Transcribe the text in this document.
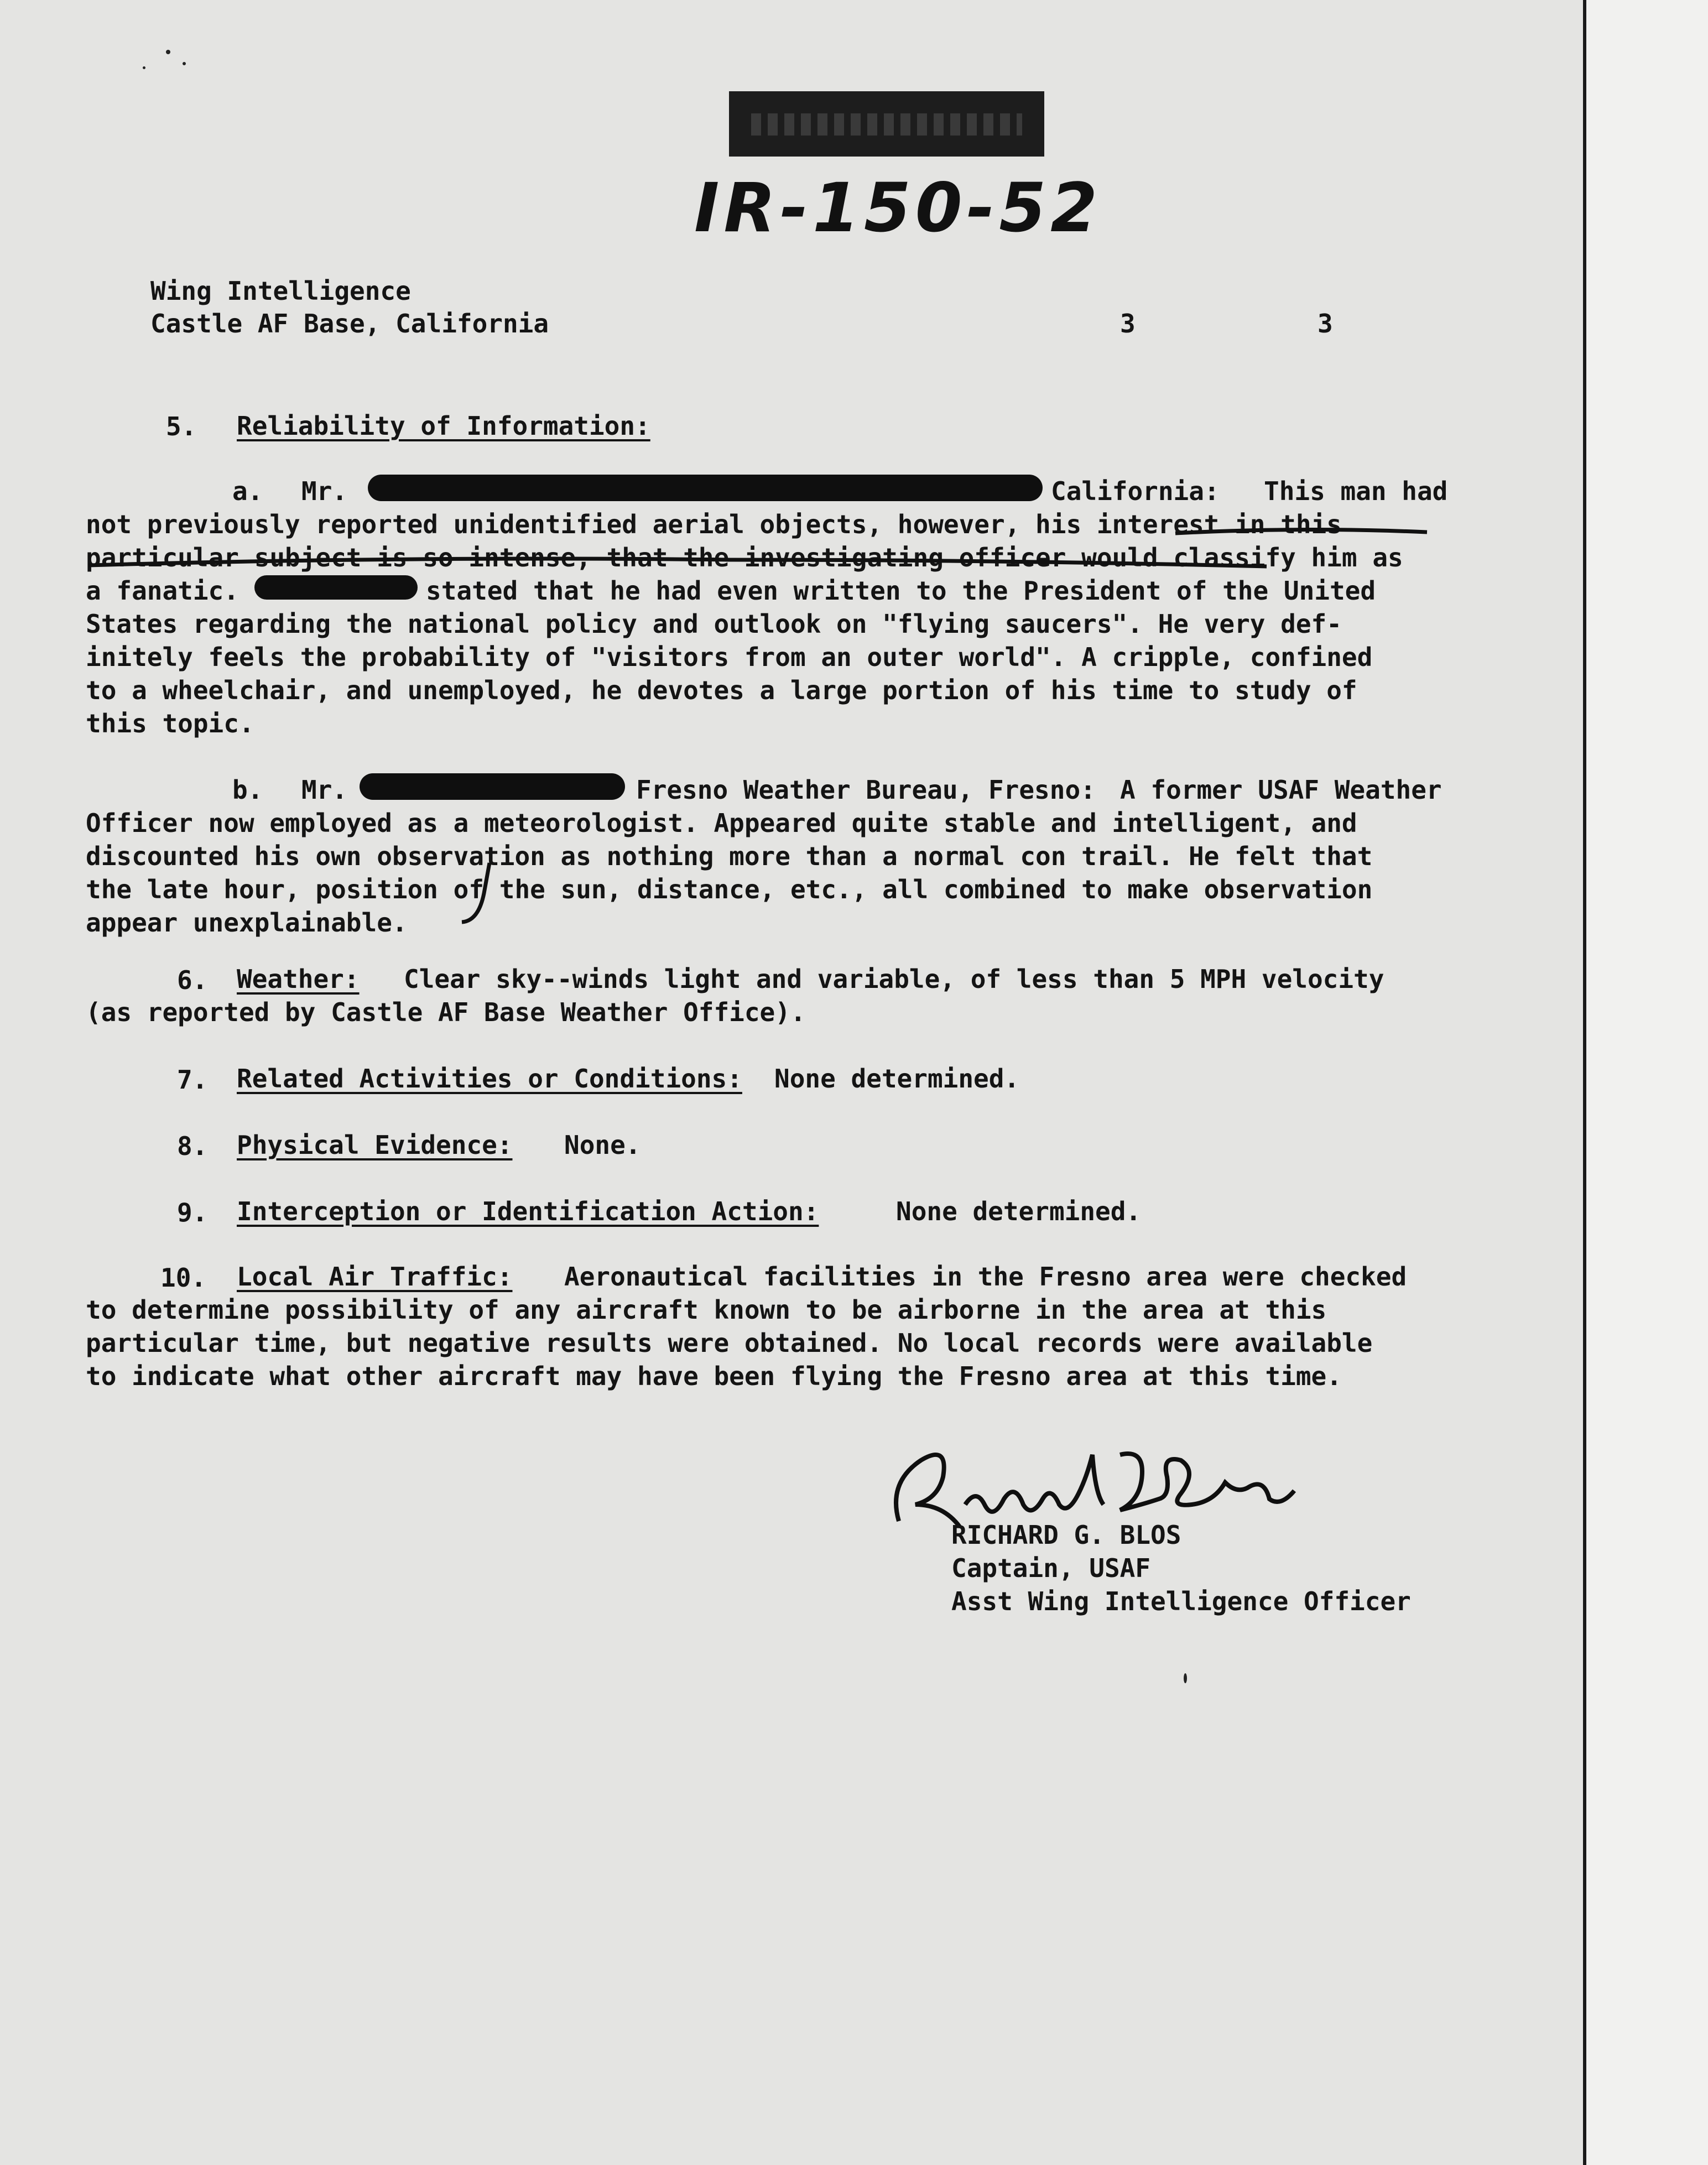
IR-150-52
Wing Intelligence
Castle AF Base, California	3	3
5. Reliability of Information:
a. Mr.	California: This man had
not previously reported unidentified aerial objects, however, his interest in this
particular subject is so intense, that the investigating officer would classify him as
a fanatic.	stated that he had even written to the President of the United
States regarding the national policy and outlook on "flying saucers". He very def-
initely feels the probability of "visitors from an outer world". A cripple, confined
to a wheelchair, and unemployed, he devotes a large portion of his time to study of
this topic.
b. Mr.	Fresno Weather Bureau, Fresno: A former USAF Weather
Officer now employed as a meteorologist. Appeared quite stable and intelligent, and
discounted his own observation as nothing more than a normal con trail. He felt that
the late hour, position of the sun, distance, etc., all combined to make observation
appear unexplainable.
6. Weather: Clear sky--winds light and variable, of less than 5 MPH velocity
(as reported by Castle AF Base Weather Office).
7. Related Activities or Conditions: None determined.
8. Physical Evidence: None.
9. Interception or Identification Action:	None determined.
10. Local Air Traffic: Aeronautical facilities in the Fresno area were checked
to determine possibility of any aircraft known to be airborne in the area at this
particular time, but negative results were obtained. No local records were available
to indicate what other aircraft may have been flying the Fresno area at this time.
RICHARD G. BLOS
Captain, USAF
Asst Wing Intelligence Officer
